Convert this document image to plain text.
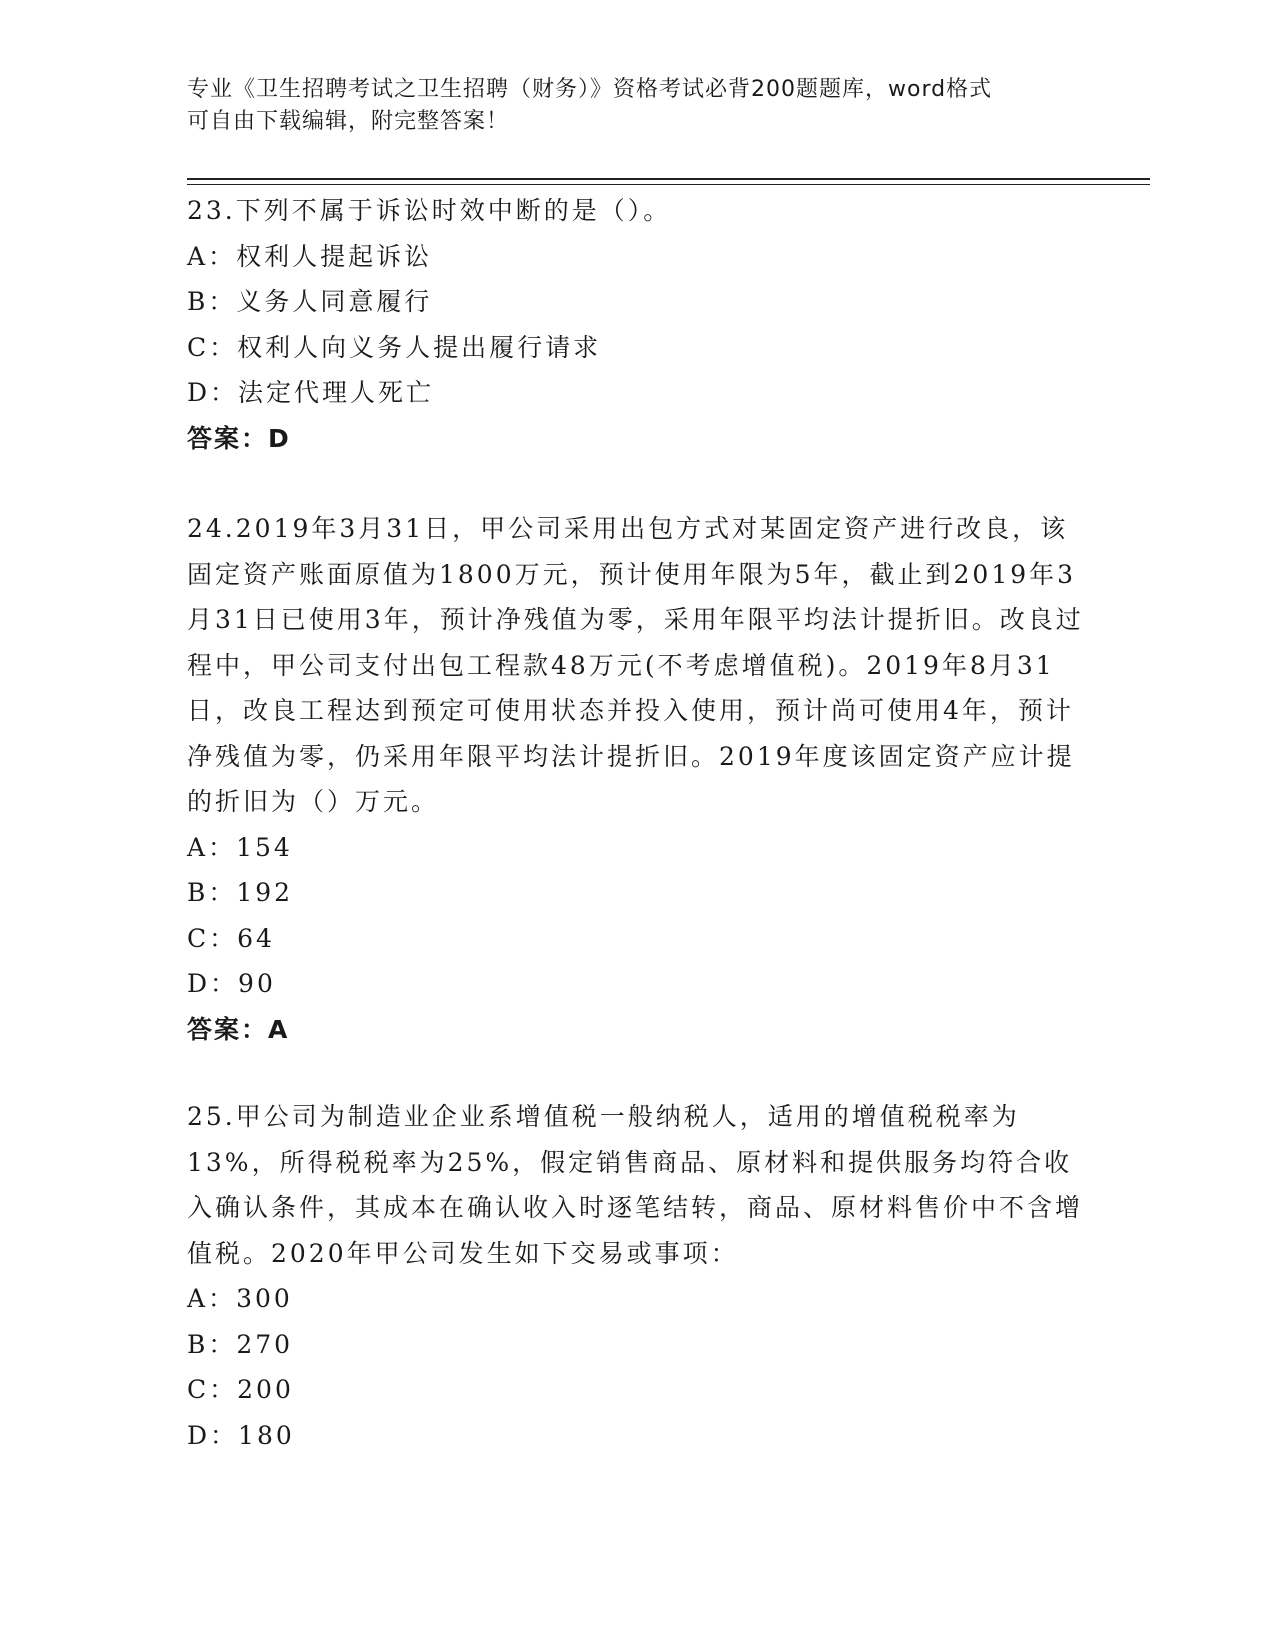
专业《卫生招聘考试之卫生招聘（财务）》资格考试必背200题题库，word格式
可自由下载编辑，附完整答案！

23.下列不属于诉讼时效中断的是（）。

A：权利人提起诉讼
B：义务人同意履行
C：权利人向义务人提出履行请求
D：法定代理人死亡
答案：D

24.2019年3月31日，甲公司采用出包方式对某固定资产进行改良，该固定资产账面原值为1800万元，预计使用年限为5年，截止到2019年3月31日已使用3年，预计净残值为零，采用年限平均法计提折旧。改良过程中，甲公司支付出包工程款48万元(不考虑增值税)。2019年8月31日，改良工程达到预定可使用状态并投入使用，预计尚可使用4年，预计净残值为零，仍采用年限平均法计提折旧。2019年度该固定资产应计提的折旧为（）万元。

A：154
B：192
C：64
D：90
答案：A

25.甲公司为制造业企业系增值税一般纳税人，适用的增值税税率为13%，所得税税率为25%，假定销售商品、原材料和提供服务均符合收入确认条件，其成本在确认收入时逐笔结转，商品、原材料售价中不含增值税。2020年甲公司发生如下交易或事项：

A：300
B：270
C：200
D：180
